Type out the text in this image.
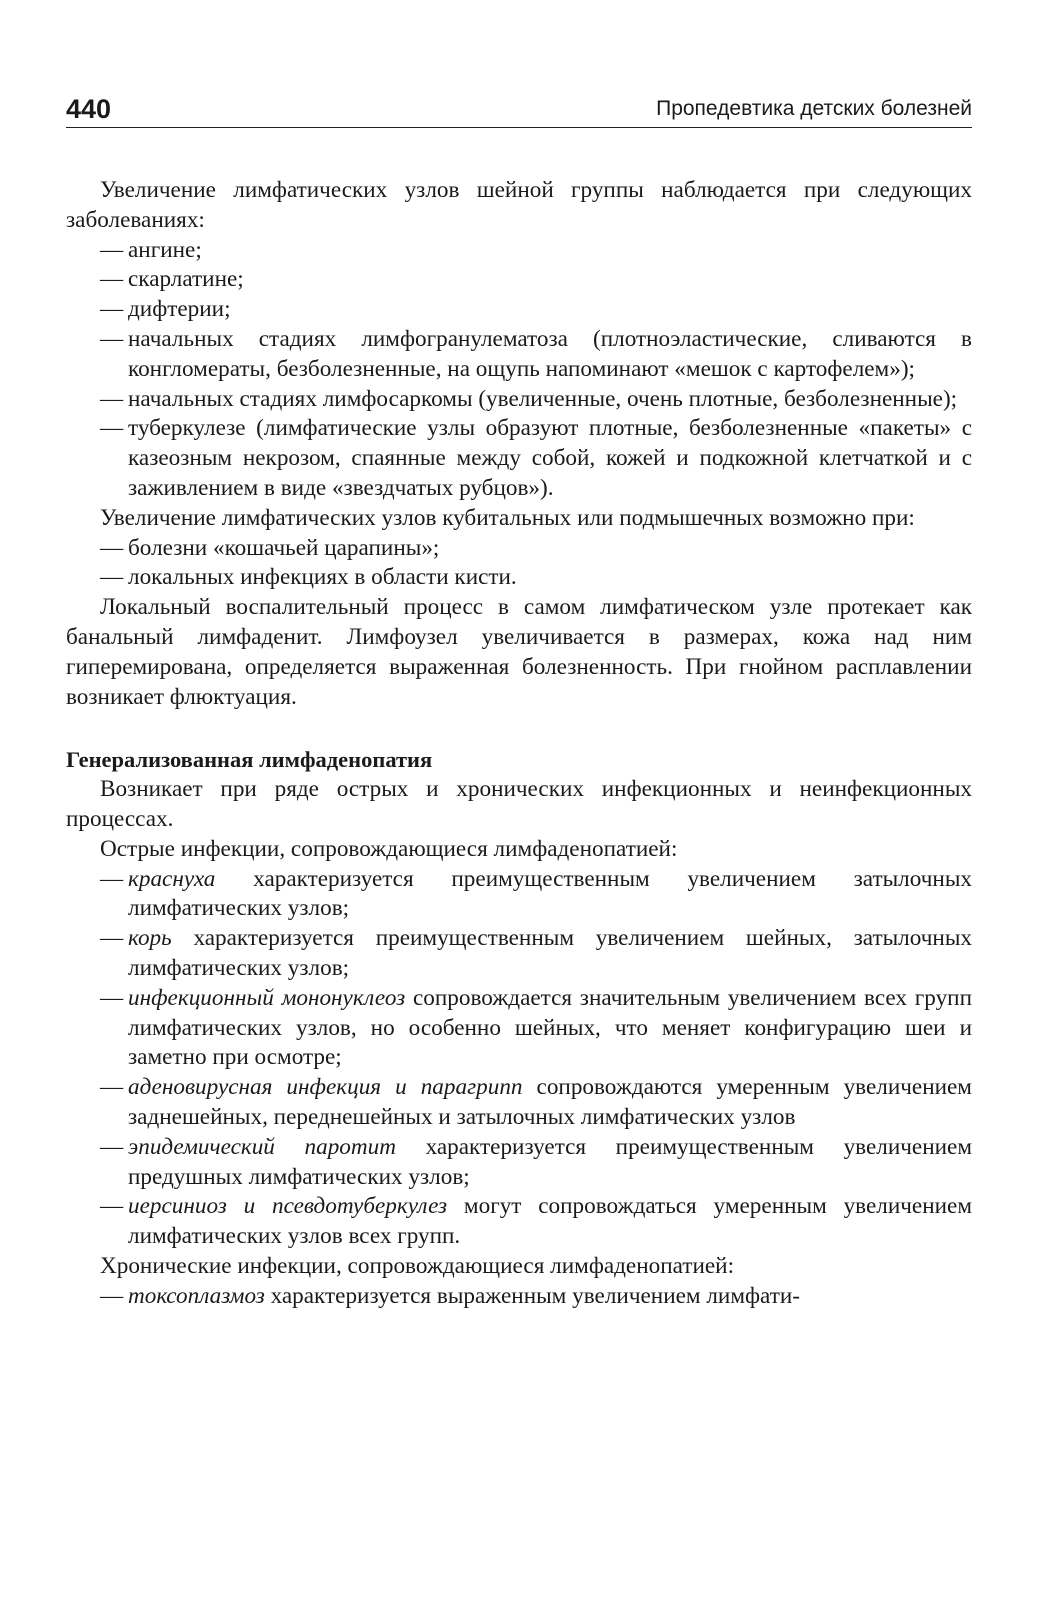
440	Пропедевтика детских болезней

Увеличение лимфатических узлов шейной группы наблюдается при следующих заболеваниях:

— ангине;

— скарлатине;

— дифтерии;

— начальных стадиях лимфогранулематоза (плотноэластические, сливаются в конгломераты, безболезненные, на ощупь напоминают «мешок с картофелем»);

— начальных стадиях лимфосаркомы (увеличенные, очень плотные, безболезненные);

— туберкулезе (лимфатические узлы образуют плотные, безболезненные «пакеты» с казеозным некрозом, спаянные между собой, кожей и подкожной клетчаткой и с заживлением в виде «звездчатых рубцов»).

Увеличение лимфатических узлов кубитальных или подмышечных возможно при:

— болезни «кошачьей царапины»;

— локальных инфекциях в области кисти.

Локальный воспалительный процесс в самом лимфатическом узле протекает как банальный лимфаденит. Лимфоузел увеличивается в размерах, кожа над ним гиперемирована, определяется выраженная болезненность. При гнойном расплавлении возникает флюктуация.

Генерализованная лимфаденопатия

Возникает при ряде острых и хронических инфекционных и неинфекционных процессах.

Острые инфекции, сопровождающиеся лимфаденопатией:

— краснуха характеризуется преимущественным увеличением затылочных лимфатических узлов;

— корь характеризуется преимущественным увеличением шейных, затылочных лимфатических узлов;

— инфекционный мононуклеоз сопровождается значительным увеличением всех групп лимфатических узлов, но особенно шейных, что меняет конфигурацию шеи и заметно при осмотре;

— аденовирусная инфекция и парагрипп сопровождаются умеренным увеличением заднешейных, переднешейных и затылочных лимфатических узлов

— эпидемический паротит характеризуется преимущественным увеличением предушных лимфатических узлов;

— иерсиниоз и псевдотуберкулез могут сопровождаться умеренным увеличением лимфатических узлов всех групп.

Хронические инфекции, сопровождающиеся лимфаденопатией:

— токсоплазмоз характеризуется выраженным увеличением лимфати-
